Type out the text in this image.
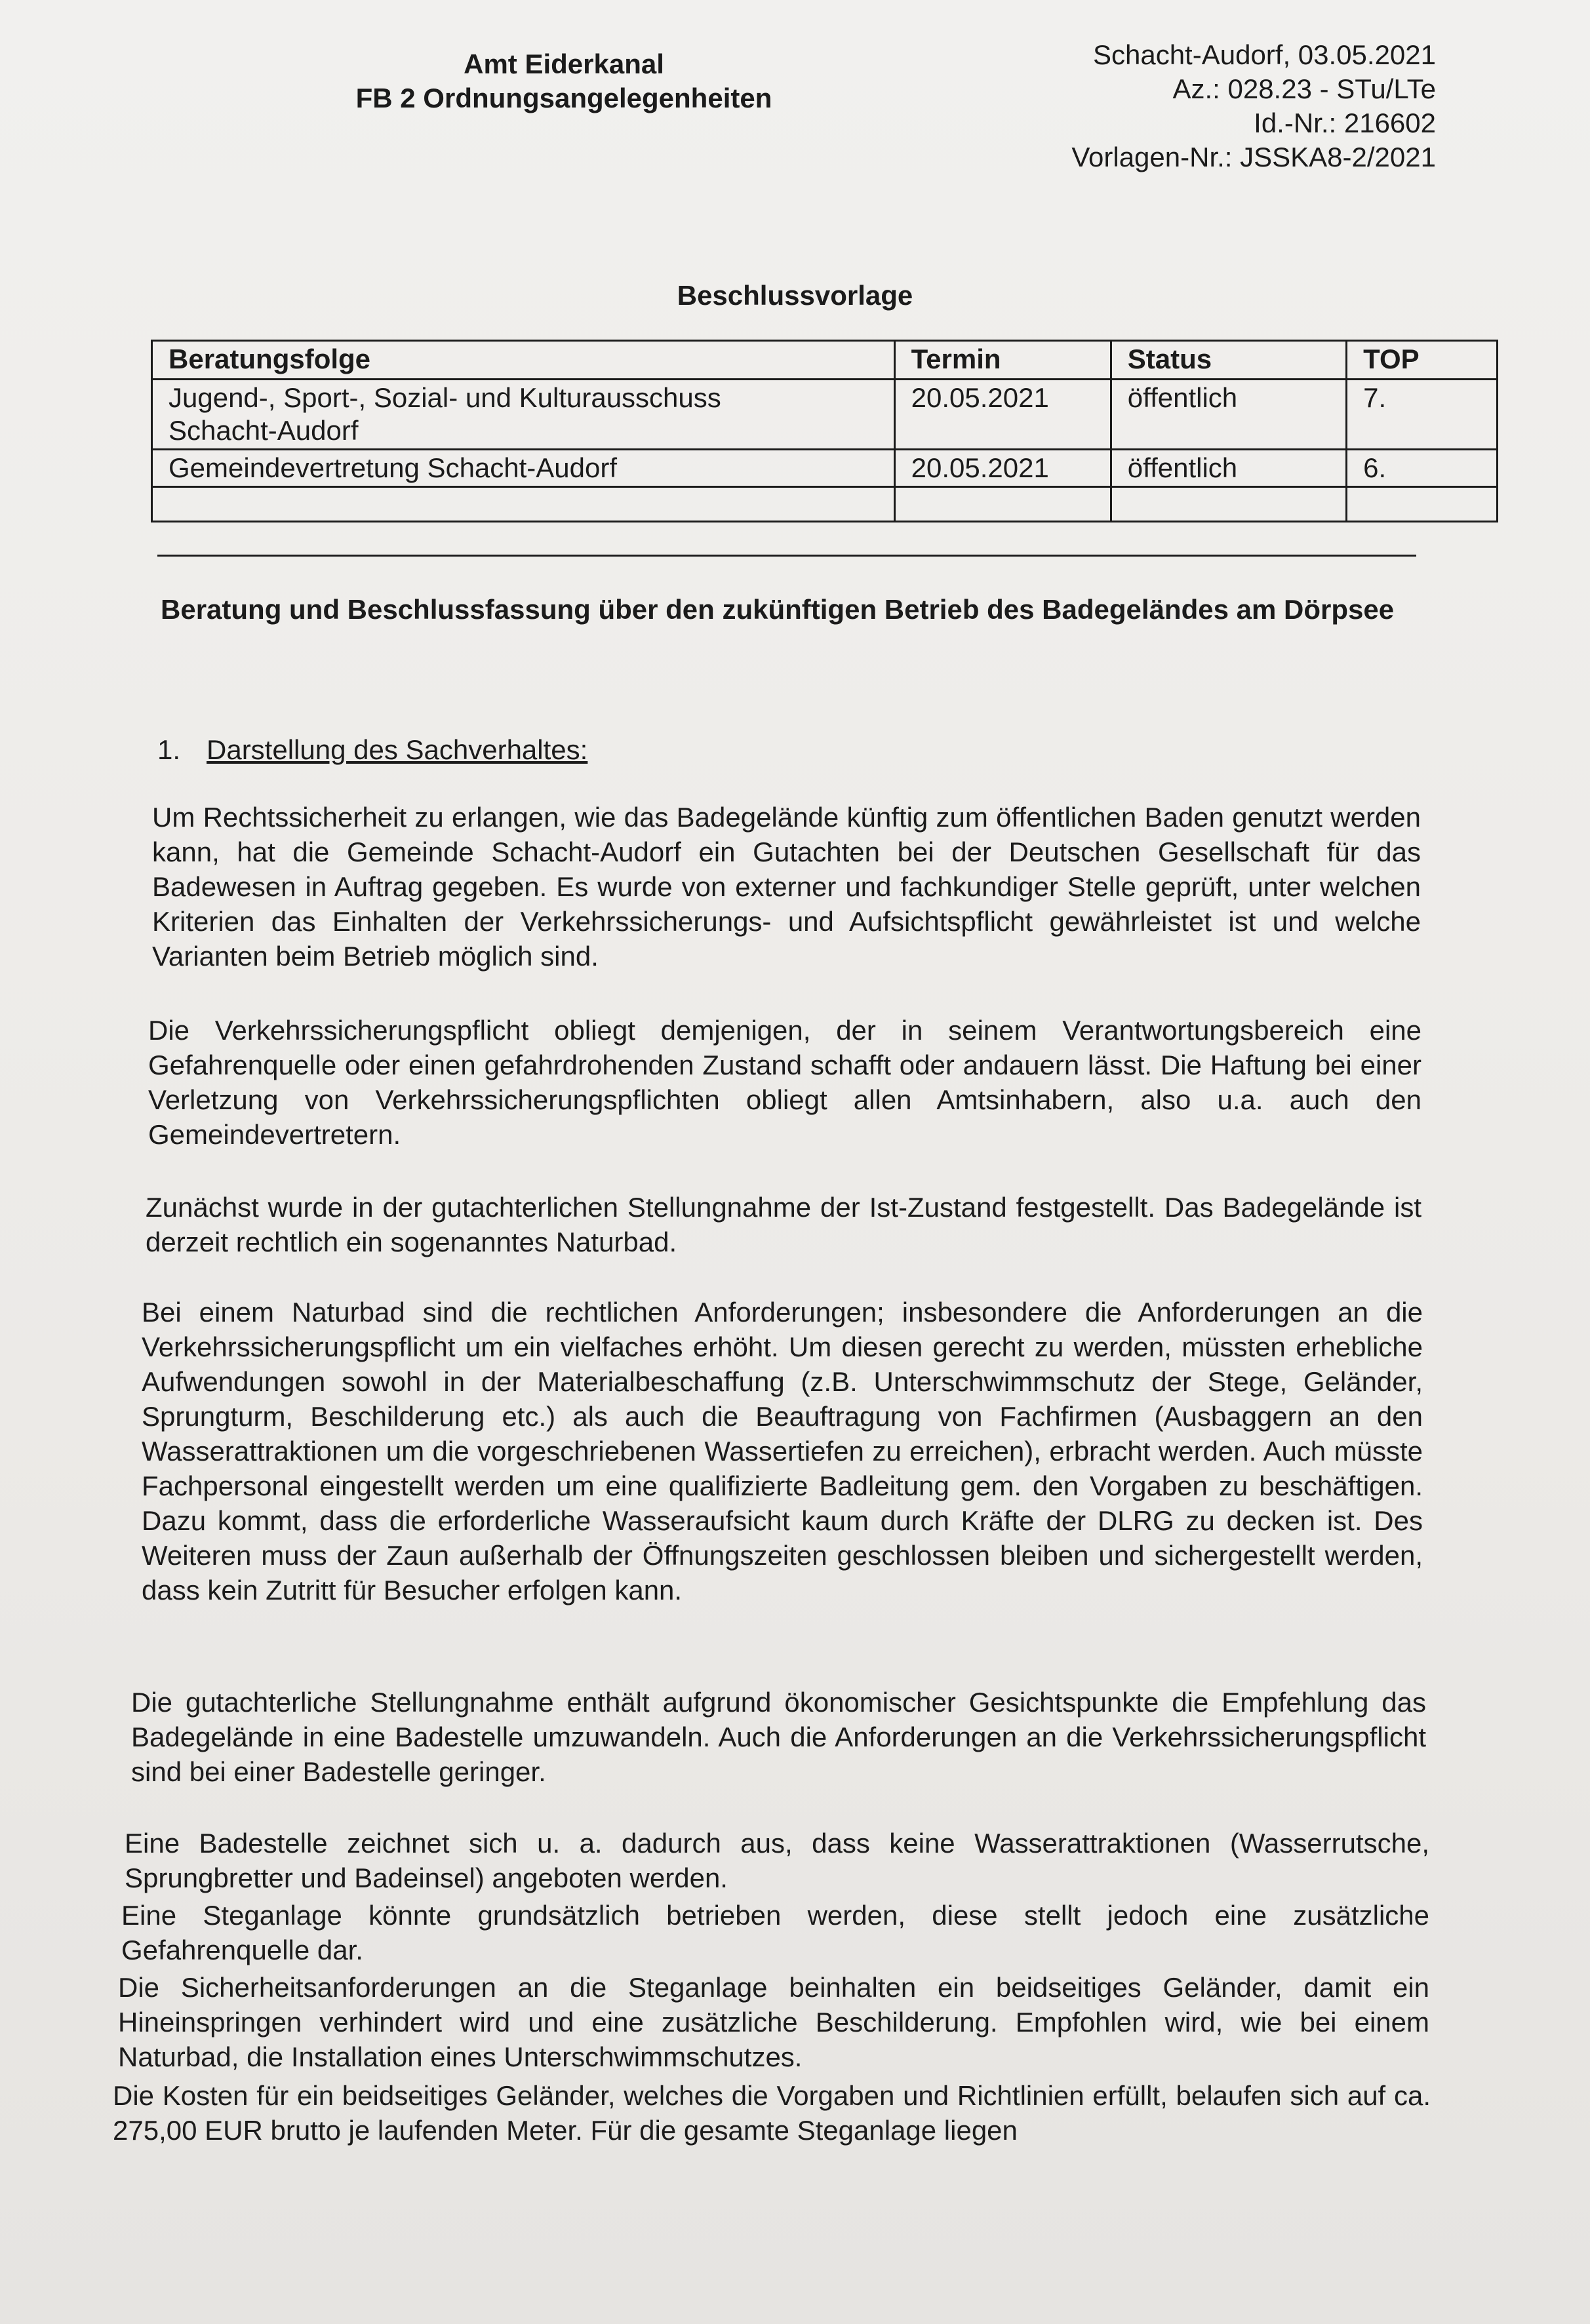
Amt Eiderkanal
FB 2 Ordnungsangelegenheiten
Schacht-Audorf, 03.05.2021
Az.: 028.23 - STu/LTe
Id.-Nr.: 216602
Vorlagen-Nr.: JSSKA8-2/2021
Beschlussvorlage
Beratungsfolge	Termin	Status	TOP

Jugend-, Sport-, Sozial- und Kulturausschuss
Schacht-Audorf	20.05.2021	öffentlich	7.
Gemeindevertretung Schacht-Audorf	20.05.2021	öffentlich	6.

Beratung und Beschlussfassung über den zukünftigen Betrieb des Badegeländes am Dörpsee
1. Darstellung des Sachverhaltes:
Um Rechtssicherheit zu erlangen, wie das Badegelände künftig zum öffentlichen Baden genutzt werden kann, hat die Gemeinde Schacht-Audorf ein Gutachten bei der Deutschen Gesellschaft für das Badewesen in Auftrag gegeben. Es wurde von externer und fachkundiger Stelle geprüft, unter welchen Kriterien das Einhalten der Verkehrssicherungs- und Aufsichtspflicht gewährleistet ist und welche Varianten beim Betrieb möglich sind.
Die Verkehrssicherungspflicht obliegt demjenigen, der in seinem Verantwortungsbereich eine Gefahrenquelle oder einen gefahrdrohenden Zustand schafft oder andauern lässt. Die Haftung bei einer Verletzung von Verkehrssicherungspflichten obliegt allen Amtsinhabern, also u.a. auch den Gemeindevertretern.
Zunächst wurde in der gutachterlichen Stellungnahme der Ist-Zustand festgestellt. Das Badegelände ist derzeit rechtlich ein sogenanntes Naturbad.
Bei einem Naturbad sind die rechtlichen Anforderungen; insbesondere die Anforderungen an die Verkehrssicherungspflicht um ein vielfaches erhöht. Um diesen gerecht zu werden, müssten erhebliche Aufwendungen sowohl in der Materialbeschaffung (z.B. Unterschwimmschutz der Stege, Geländer, Sprungturm, Beschilderung etc.) als auch die Beauftragung von Fachfirmen (Ausbaggern an den Wasserattraktionen um die vorgeschriebenen Wassertiefen zu erreichen), erbracht werden. Auch müsste Fachpersonal eingestellt werden um eine qualifizierte Badleitung gem. den Vorgaben zu beschäftigen. Dazu kommt, dass die erforderliche Wasseraufsicht kaum durch Kräfte der DLRG zu decken ist. Des Weiteren muss der Zaun außerhalb der Öffnungszeiten geschlossen bleiben und sichergestellt werden, dass kein Zutritt für Besucher erfolgen kann.
Die gutachterliche Stellungnahme enthält aufgrund ökonomischer Gesichtspunkte die Empfehlung das Badegelände in eine Badestelle umzuwandeln. Auch die Anforderungen an die Verkehrssicherungspflicht sind bei einer Badestelle geringer.
Eine Badestelle zeichnet sich u. a. dadurch aus, dass keine Wasserattraktionen (Wasserrutsche, Sprungbretter und Badeinsel) angeboten werden.
Eine Steganlage könnte grundsätzlich betrieben werden, diese stellt jedoch eine zusätzliche Gefahrenquelle dar.
Die Sicherheitsanforderungen an die Steganlage beinhalten ein beidseitiges Geländer, damit ein Hineinspringen verhindert wird und eine zusätzliche Beschilderung. Empfohlen wird, wie bei einem Naturbad, die Installation eines Unterschwimmschutzes.
Die Kosten für ein beidseitiges Geländer, welches die Vorgaben und Richtlinien erfüllt, belaufen sich auf ca. 275,00 EUR brutto je laufenden Meter. Für die gesamte Steganlage liegen
